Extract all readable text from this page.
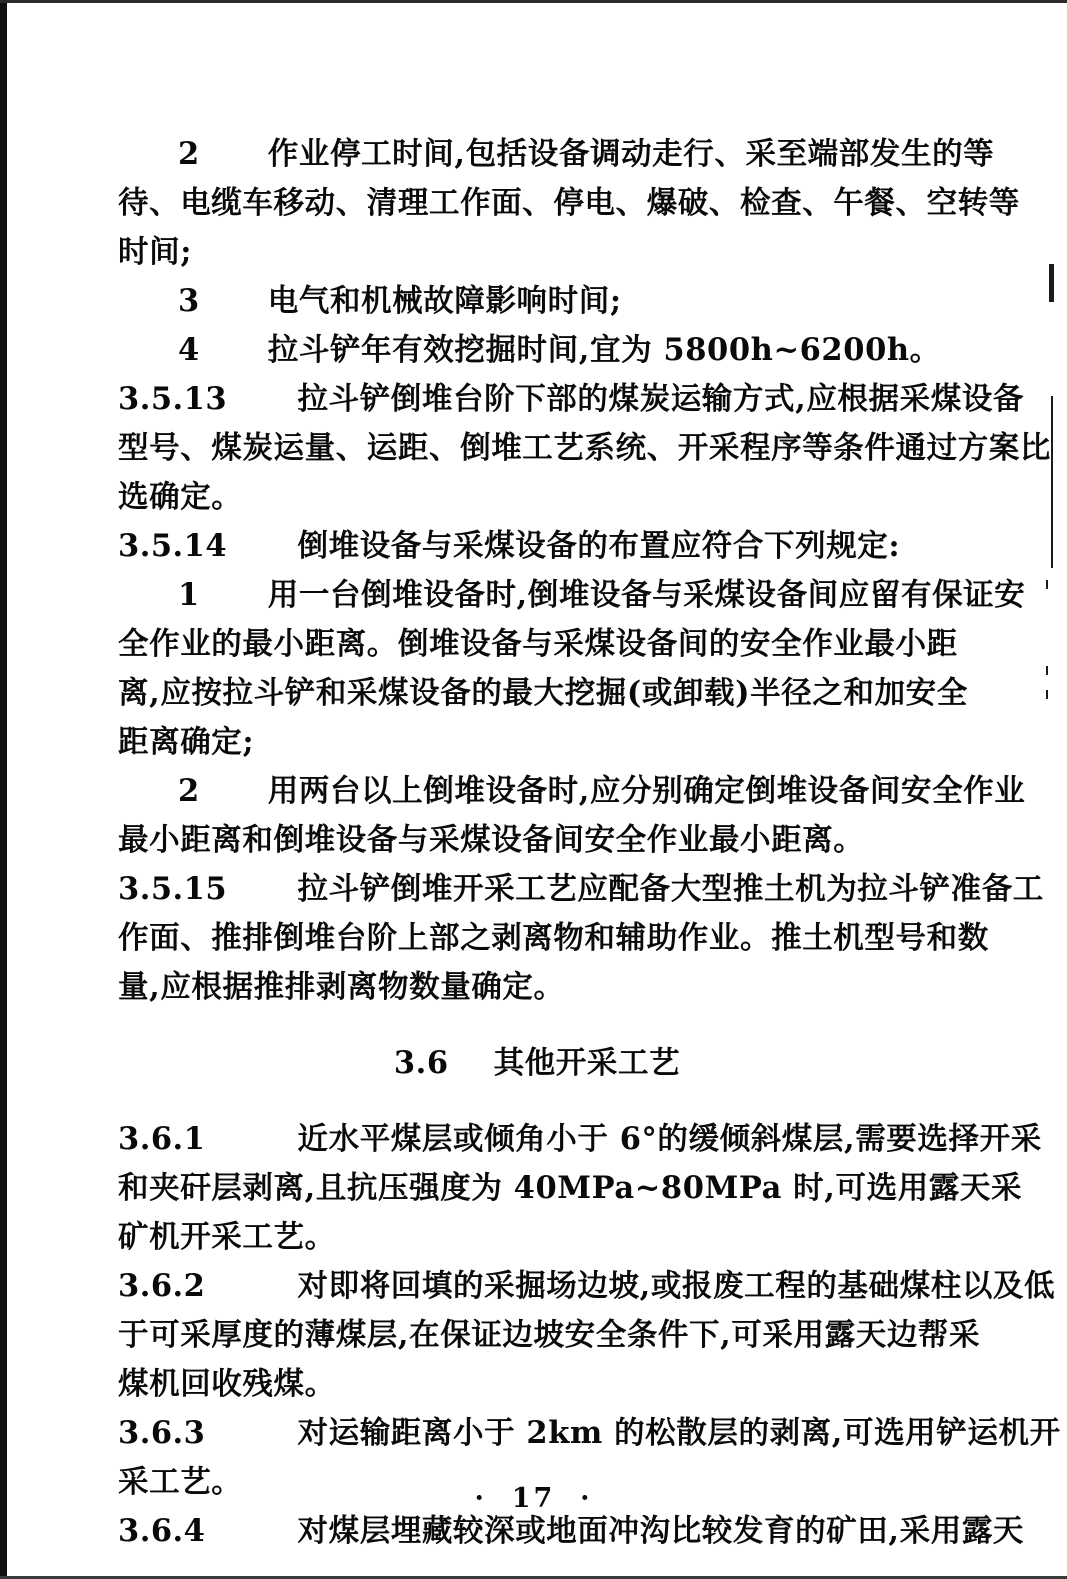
2	作业停工时间,包括设备调动走行、采至端部发生的等
待、电缆车移动、清理工作面、停电、爆破、检查、午餐、空转等
时间;
3	电气和机械故障影响时间;
4	拉斗铲年有效挖掘时间,宜为 5800h~6200h。
3.5.13	拉斗铲倒堆台阶下部的煤炭运输方式,应根据采煤设备
型号、煤炭运量、运距、倒堆工艺系统、开采程序等条件通过方案比
选确定。
3.5.14	倒堆设备与采煤设备的布置应符合下列规定:
1	用一台倒堆设备时,倒堆设备与采煤设备间应留有保证安
全作业的最小距离。倒堆设备与采煤设备间的安全作业最小距
离,应按拉斗铲和采煤设备的最大挖掘(或卸载)半径之和加安全
距离确定;
2	用两台以上倒堆设备时,应分别确定倒堆设备间安全作业
最小距离和倒堆设备与采煤设备间安全作业最小距离。
3.5.15	拉斗铲倒堆开采工艺应配备大型推土机为拉斗铲准备工
作面、推排倒堆台阶上部之剥离物和辅助作业。推土机型号和数
量,应根据推排剥离物数量确定。
3.6    其他开采工艺
3.6.1		近水平煤层或倾角小于 6°的缓倾斜煤层,需要选择开采
和夹矸层剥离,且抗压强度为 40MPa~80MPa 时,可选用露天采
矿机开采工艺。
3.6.2		对即将回填的采掘场边坡,或报废工程的基础煤柱以及低
于可采厚度的薄煤层,在保证边坡安全条件下,可采用露天边帮采
煤机回收残煤。
3.6.3		对运输距离小于 2km 的松散层的剥离,可选用铲运机开
采工艺。
3.6.4		对煤层埋藏较深或地面冲沟比较发育的矿田,采用露天
·  17  ·
